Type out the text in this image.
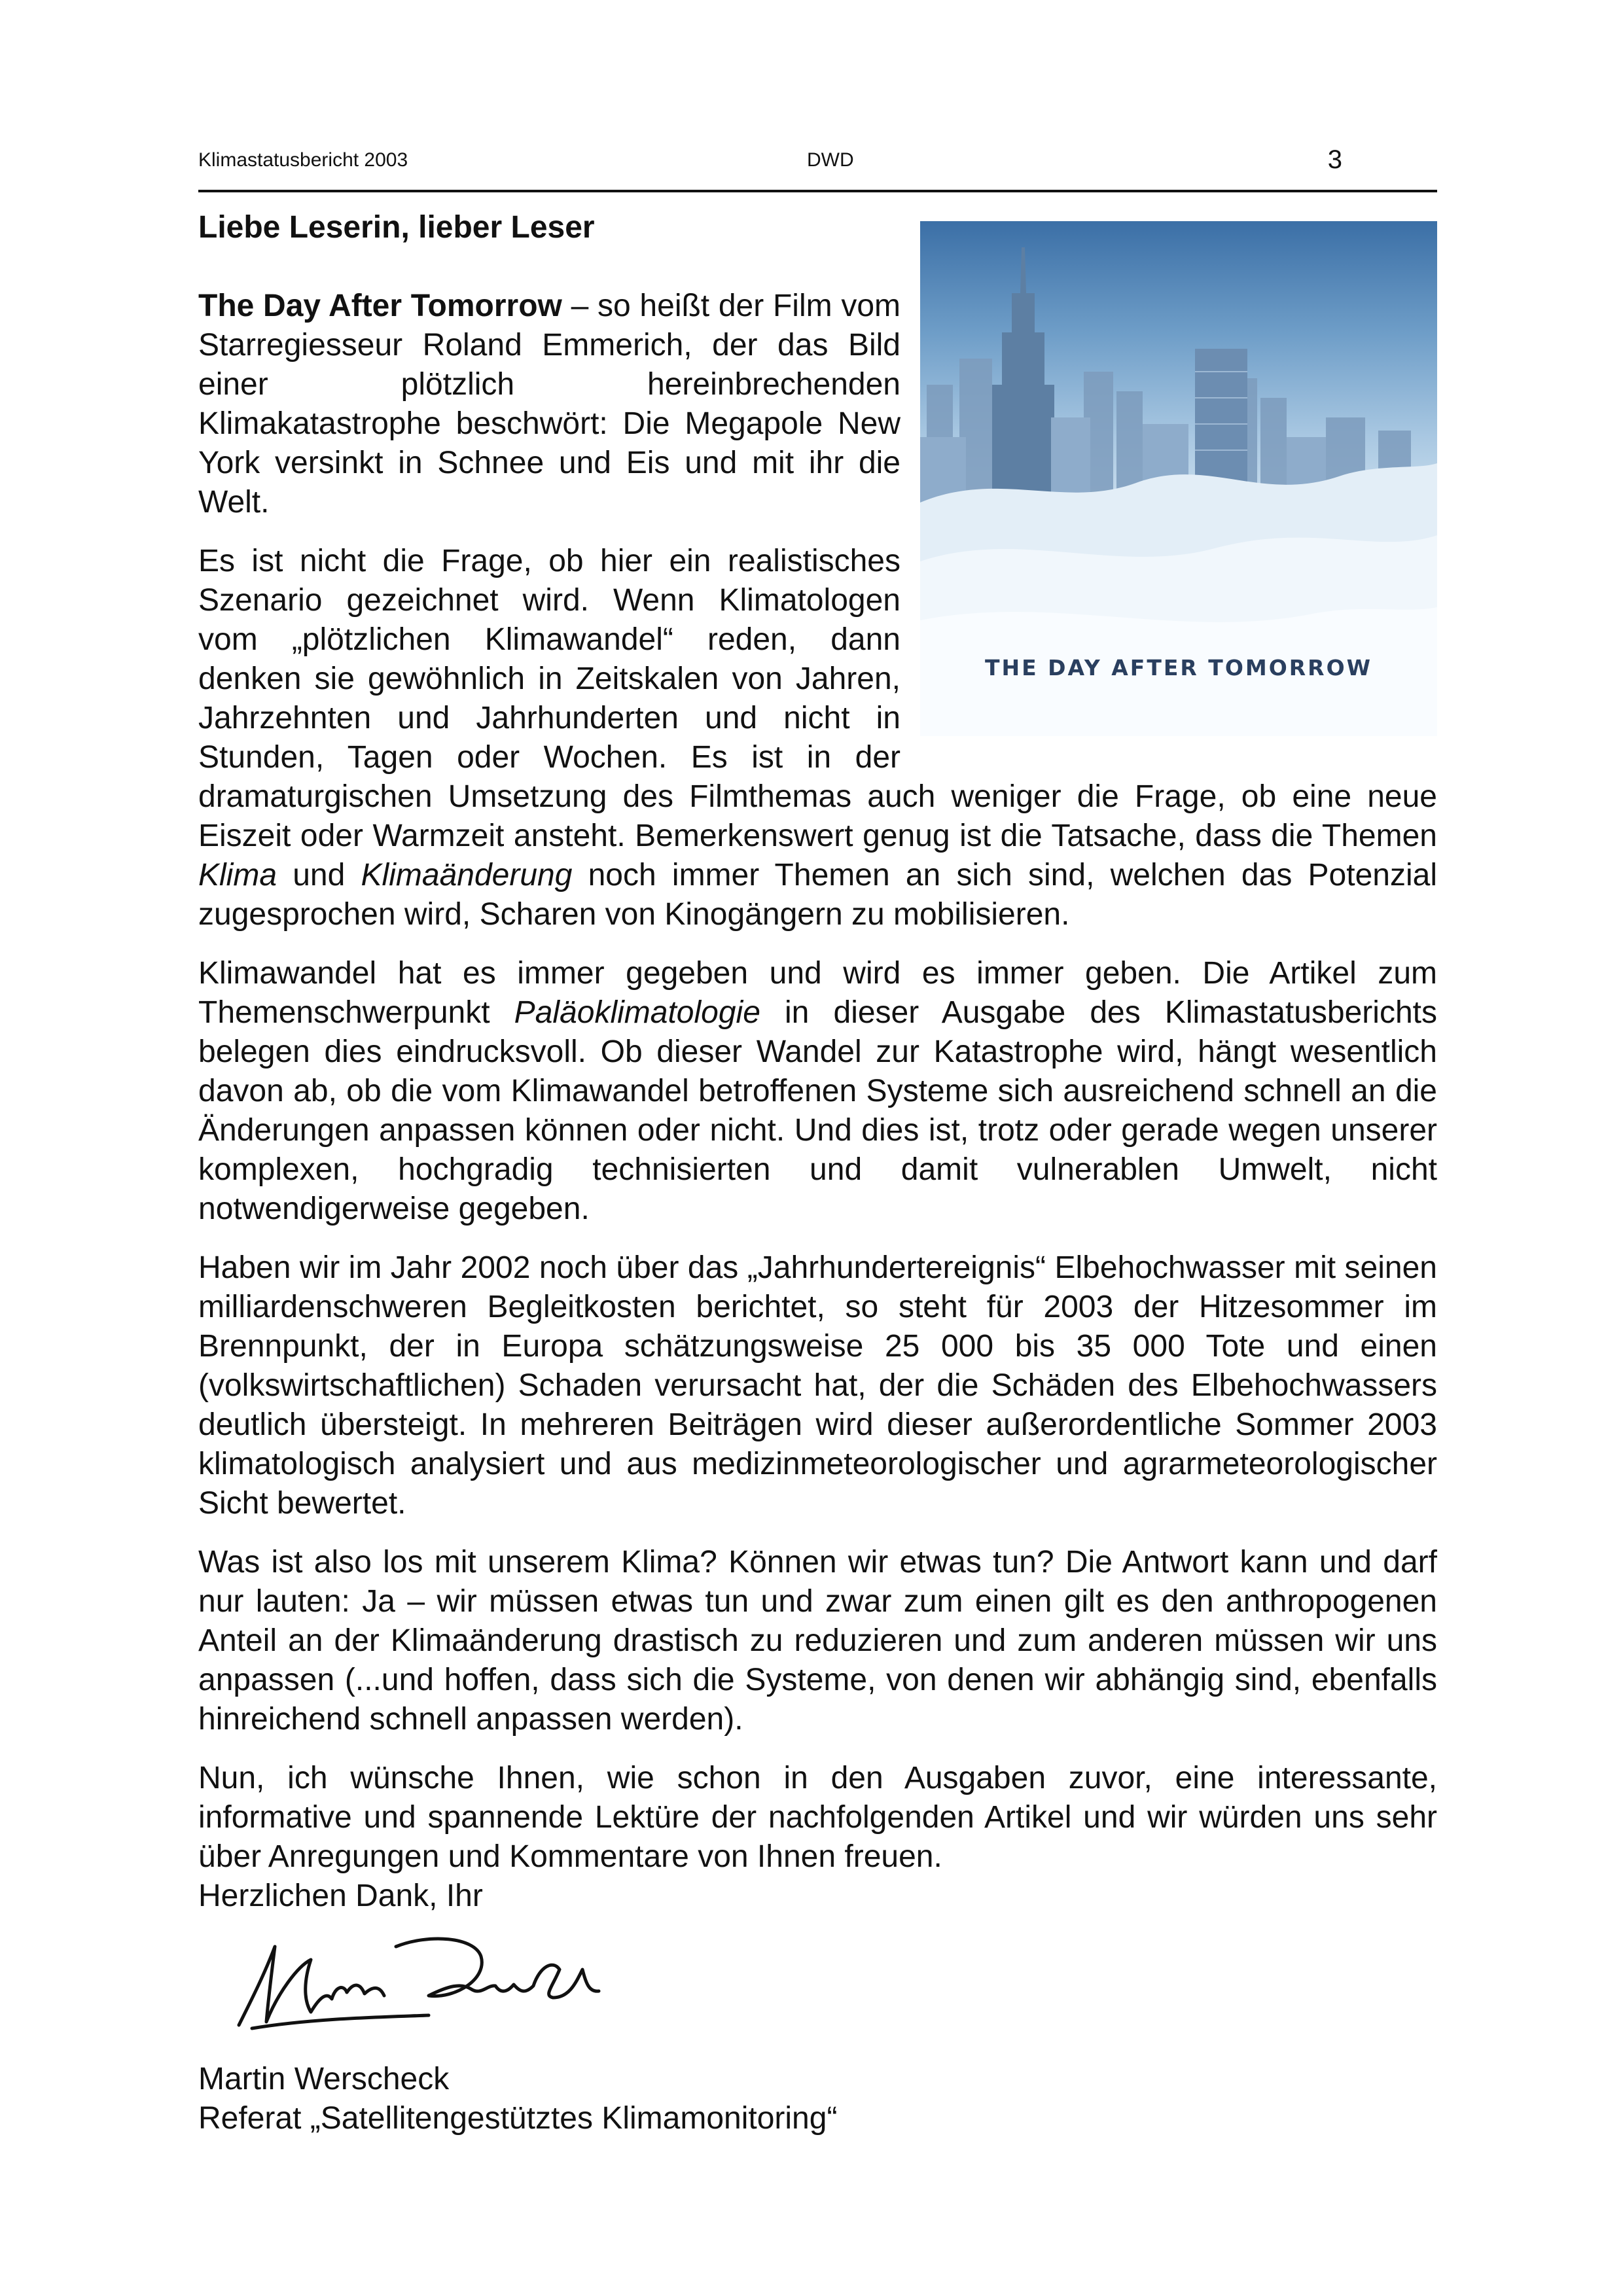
Klimastatusbericht 2003	DWD	3
THE DAY AFTER TOMORROW
Liebe Leserin, lieber Leser

The Day After Tomorrow – so heißt der Film vom Starregiesseur Roland Emmerich, der das Bild einer plötzlich hereinbrechenden Klimakatastrophe beschwört: Die Megapole New York versinkt in Schnee und Eis und mit ihr die Welt.

Es ist nicht die Frage, ob hier ein realistisches Szenario gezeichnet wird. Wenn Klimatologen vom „plötzlichen Klimawandel“ reden, dann denken sie gewöhnlich in Zeitskalen von Jahren, Jahrzehnten und Jahrhunderten und nicht in Stunden, Tagen oder Wochen. Es ist in der dramaturgischen Umsetzung des Filmthemas auch weniger die Frage, ob eine neue Eiszeit oder Warmzeit ansteht. Bemerkenswert genug ist die Tatsache, dass die Themen Klima und Klimaänderung noch immer Themen an sich sind, welchen das Potenzial zugesprochen wird, Scharen von Kinogängern zu mobilisieren.

Klimawandel hat es immer gegeben und wird es immer geben. Die Artikel zum Themenschwerpunkt Paläoklimatologie in dieser Ausgabe des Klimastatusberichts belegen dies eindrucksvoll. Ob dieser Wandel zur Katastrophe wird, hängt wesentlich davon ab, ob die vom Klimawandel betroffenen Systeme sich ausreichend schnell an die Änderungen anpassen können oder nicht. Und dies ist, trotz oder gerade wegen unserer komplexen, hochgradig technisierten und damit vulnerablen Umwelt, nicht notwendigerweise gegeben.

Haben wir im Jahr 2002 noch über das „Jahrhundertereignis“ Elbehochwasser mit seinen milliardenschweren Begleitkosten berichtet, so steht für 2003 der Hitzesommer im Brennpunkt, der in Europa schätzungsweise 25 000 bis 35 000 Tote und einen (volkswirtschaftlichen) Schaden verursacht hat, der die Schäden des Elbehochwassers deutlich übersteigt. In mehreren Beiträgen wird dieser außerordentliche Sommer 2003 klimatologisch analysiert und aus medizinmeteorologischer und agrarmeteorologischer Sicht bewertet.

Was ist also los mit unserem Klima? Können wir etwas tun? Die Antwort kann und darf nur lauten: Ja – wir müssen etwas tun und zwar zum einen gilt es den anthropogenen Anteil an der Klimaänderung drastisch zu reduzieren und zum anderen müssen wir uns anpassen (...und hoffen, dass sich die Systeme, von denen wir abhängig sind, ebenfalls hinreichend schnell anpassen werden).

Nun, ich wünsche Ihnen, wie schon in den Ausgaben zuvor, eine interessante, informative und spannende Lektüre der nachfolgenden Artikel und wir würden uns sehr über Anregungen und Kommentare von Ihnen freuen.

Herzlichen Dank, Ihr

Martin Werscheck
Referat „Satellitengestütztes Klimamonitoring“
